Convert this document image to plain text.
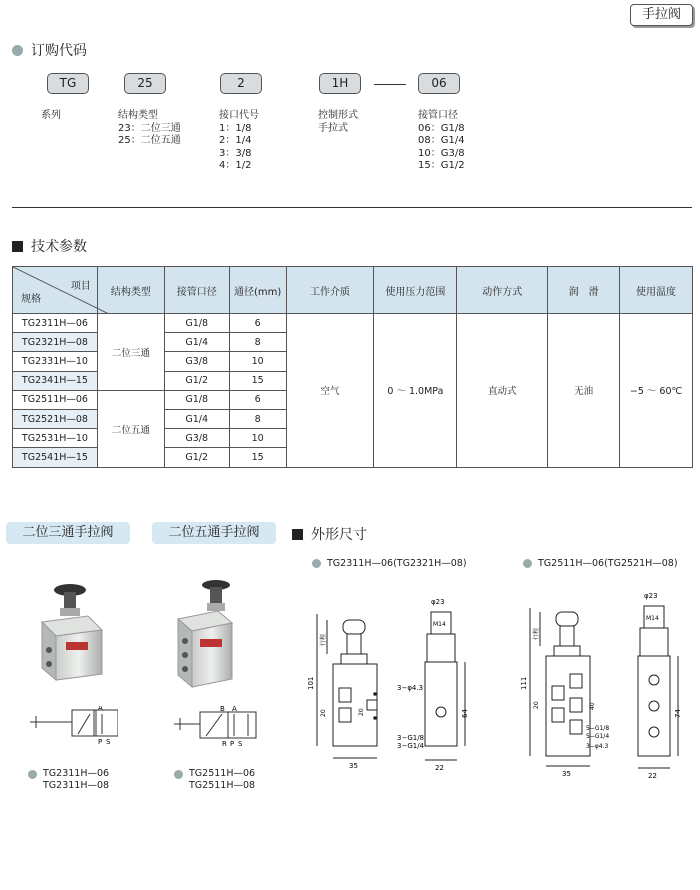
手拉阀
订购代码
TG	25	2	1H	06
系列	结构类型
23：二位三通
25：二位五通
接口代号
1：1/8
2：1/4
3：3/8
4：1/2
控制形式
手拉式
接管口径
06：G1/8
08：G1/4
10：G3/8
15：G1/2
技术参数
项目
规格	结构类型	接管口径	通径(mm)	工作介质	使用压力范围	动作方式	润　滑	使用温度
TG2311H—06	二位三通	G1/8	6	空气	0 ～ 1.0MPa	直动式	无油	−5 ～ 60℃
TG2321H—08		G1/4	8					
TG2331H—10		G3/8	10					
TG2341H—15		G1/2	15					
TG2511H—06	二位五通	G1/8	6					
TG2521H—08		G1/4	8					
TG2531H—10		G3/8	10					
TG2541H—15		G1/2	15					
二位三通手拉阀	二位五通手拉阀	外形尺寸
P S
A	B A
R P S
TG2311H—06
TG2311H—08
TG2511H—06
TG2511H—08
TG2311H—06(TG2321H—08)	TG2511H—06(TG2521H—08)
101
行程
35
20	20
3−φ4.3
3−G1/8
3−G1/4
φ23
M14
64
22
111
行程
35
20	40
5−G1/8
5−G1/4
3−φ4.3
φ23
M14
74
22
